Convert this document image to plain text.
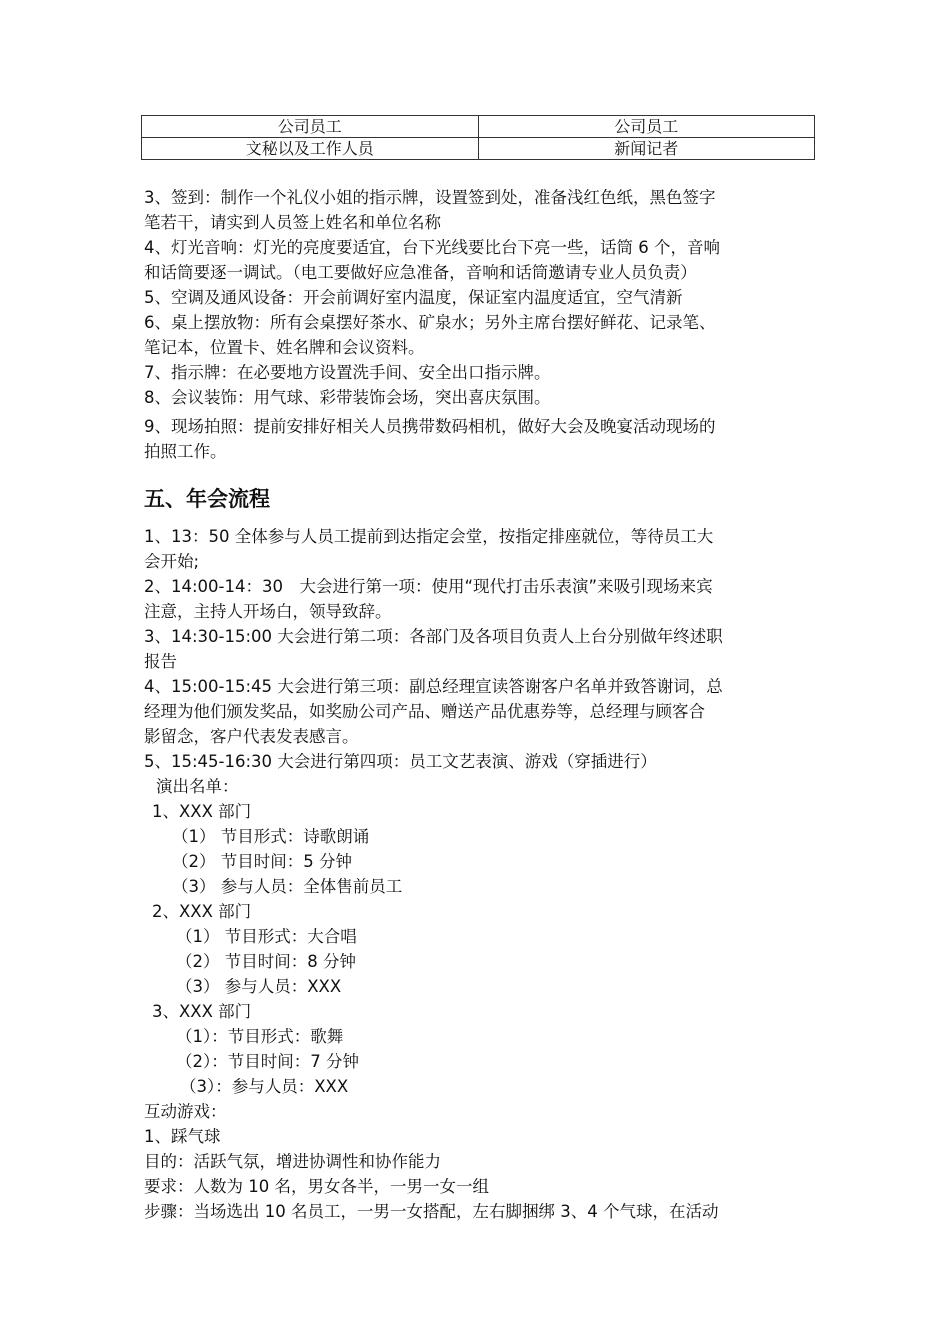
公司员工	公司员工
文秘以及工作人员	新闻记者
3、签到：制作一个礼仪小姐的指示牌，设置签到处，准备浅红色纸，黑色签字
笔若干，请实到人员签上姓名和单位名称
4、灯光音响：灯光的亮度要适宜，台下光线要比台下亮一些，话筒 6 个，音响
和话筒要逐一调试。（电工要做好应急准备，音响和话筒邀请专业人员负责）
5、空调及通风设备：开会前调好室内温度，保证室内温度适宜，空气清新
6、桌上摆放物：所有会桌摆好茶水、矿泉水；另外主席台摆好鲜花、记录笔、
笔记本，位置卡、姓名牌和会议资料。
7、指示牌：在必要地方设置洗手间、安全出口指示牌。
8、会议装饰：用气球、彩带装饰会场，突出喜庆氛围。
9、现场拍照：提前安排好相关人员携带数码相机，做好大会及晚宴活动现场的
拍照工作。
五、年会流程
1、13：50 全体参与人员工提前到达指定会堂，按指定排座就位，等待员工大
会开始;
2、14:00-14：30　大会进行第一项：使用“现代打击乐表演”来吸引现场来宾
注意，主持人开场白，领导致辞。
3、14:30-15:00 大会进行第二项：各部门及各项目负责人上台分别做年终述职
报告
4、15:00-15:45 大会进行第三项：副总经理宣读答谢客户名单并致答谢词，总
经理为他们颁发奖品，如奖励公司产品、赠送产品优惠券等，总经理与顾客合
影留念，客户代表发表感言。
5、15:45-16:30 大会进行第四项：员工文艺表演、游戏（穿插进行）
演出名单：
1、XXX 部门
（1） 节目形式：诗歌朗诵
（2） 节目时间：5 分钟
（3） 参与人员：全体售前员工
2、XXX 部门
（1） 节目形式：大合唱
（2） 节目时间：8 分钟
（3） 参与人员：XXX
3、XXX 部门
（1）：节目形式：歌舞
（2）：节目时间：7 分钟
（3）：参与人员：XXX
互动游戏：
1、踩气球
目的：活跃气氛，增进协调性和协作能力
要求：人数为 10 名，男女各半，一男一女一组
步骤：当场选出 10 名员工，一男一女搭配，左右脚捆绑 3、4 个气球，在活动
